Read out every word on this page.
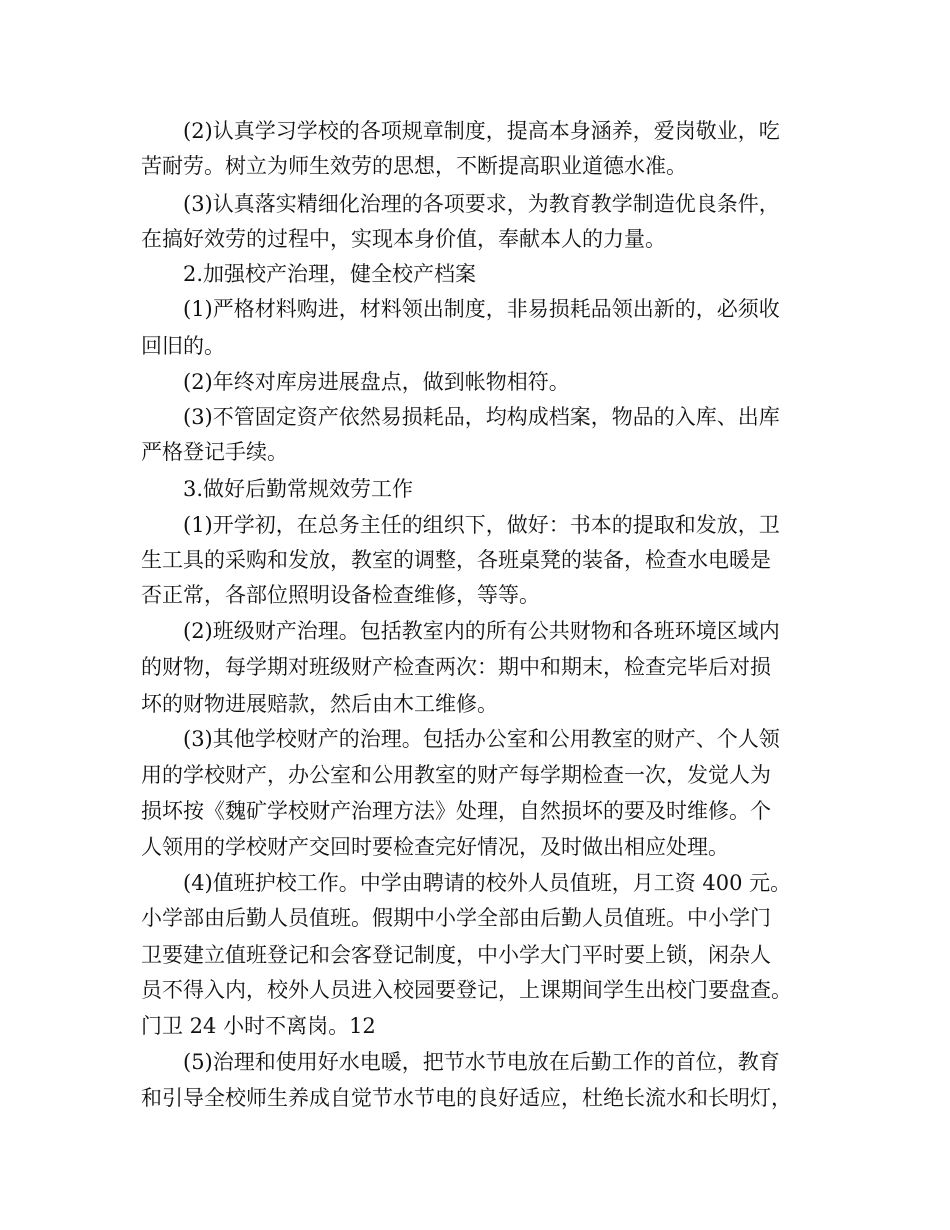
(2)认真学习学校的各项规章制度，提高本身涵养，爱岗敬业，吃
苦耐劳。树立为师生效劳的思想，不断提高职业道德水准。
(3)认真落实精细化治理的各项要求，为教育教学制造优良条件，
在搞好效劳的过程中，实现本身价值，奉献本人的力量。
2.加强校产治理，健全校产档案
(1)严格材料购进，材料领出制度，非易损耗品领出新的，必须收
回旧的。
(2)年终对库房进展盘点，做到帐物相符。
(3)不管固定资产依然易损耗品，均构成档案，物品的入库、出库
严格登记手续。
3.做好后勤常规效劳工作
(1)开学初，在总务主任的组织下，做好：书本的提取和发放，卫
生工具的采购和发放，教室的调整，各班桌凳的装备，检查水电暖是
否正常，各部位照明设备检查维修，等等。
(2)班级财产治理。包括教室内的所有公共财物和各班环境区域内
的财物，每学期对班级财产检查两次：期中和期末，检查完毕后对损
坏的财物进展赔款，然后由木工维修。
(3)其他学校财产的治理。包括办公室和公用教室的财产、个人领
用的学校财产，办公室和公用教室的财产每学期检查一次，发觉人为
损坏按《魏矿学校财产治理方法》处理，自然损坏的要及时维修。个
人领用的学校财产交回时要检查完好情况，及时做出相应处理。
(4)值班护校工作。中学由聘请的校外人员值班，月工资 400 元。
小学部由后勤人员值班。假期中小学全部由后勤人员值班。中小学门
卫要建立值班登记和会客登记制度，中小学大门平时要上锁，闲杂人
员不得入内，校外人员进入校园要登记，上课期间学生出校门要盘查。
门卫 24 小时不离岗。12
(5)治理和使用好水电暖，把节水节电放在后勤工作的首位，教育
和引导全校师生养成自觉节水节电的良好适应，杜绝长流水和长明灯，
